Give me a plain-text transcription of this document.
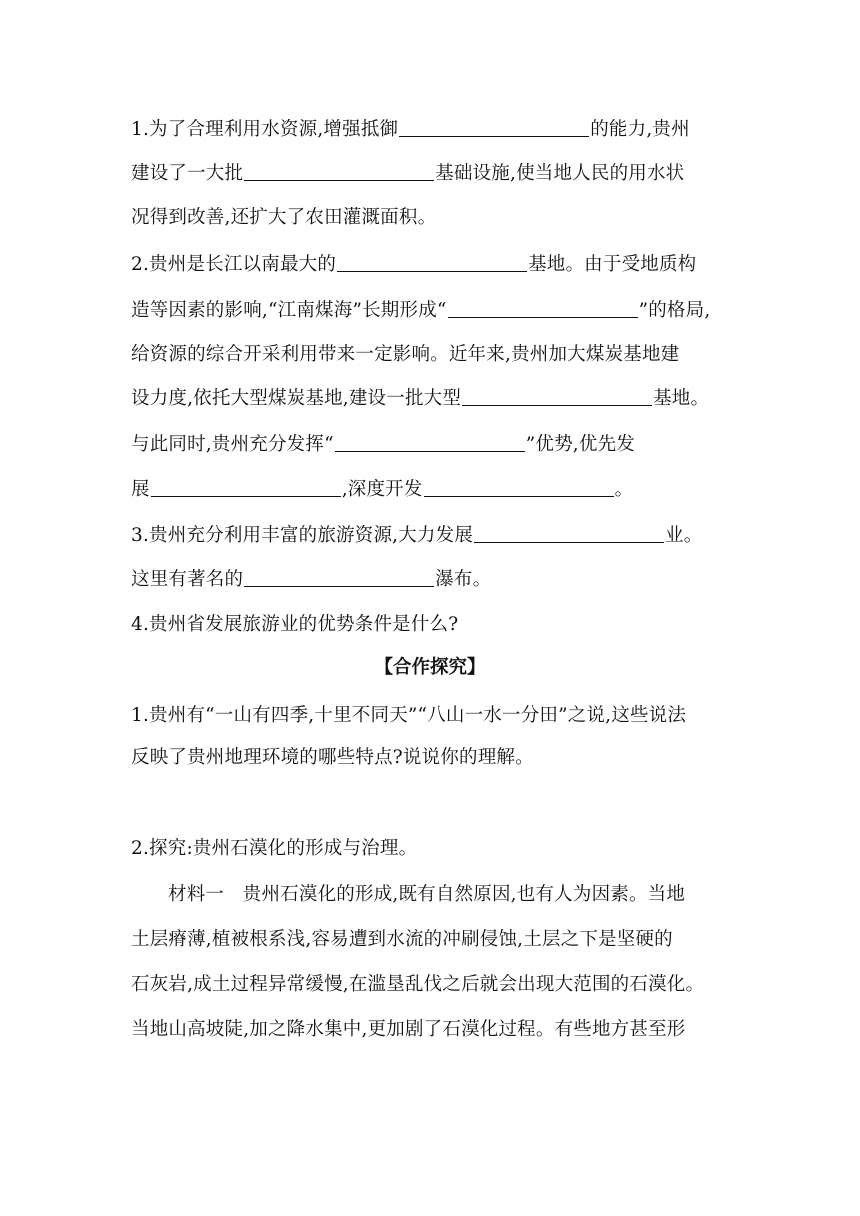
1.为了合理利用水资源,增强抵御	的能力,贵州
建设了一大批	基础设施,使当地人民的用水状
况得到改善,还扩大了农田灌溉面积。
2.贵州是长江以南最大的	基地。由于受地质构
造等因素的影响,“江南煤海”长期形成“	”的格局,
给资源的综合开采利用带来一定影响。近年来,贵州加大煤炭基地建
设力度,依托大型煤炭基地,建设一批大型	基地。
与此同时,贵州充分发挥“	”优势,优先发
展	,深度开发	。
3.贵州充分利用丰富的旅游资源,大力发展	业。
这里有著名的	瀑布。
4.贵州省发展旅游业的优势条件是什么?
【合作探究】
1.贵州有“一山有四季,十里不同天”“八山一水一分田”之说,这些说法
反映了贵州地理环境的哪些特点?说说你的理解。
2.探究:贵州石漠化的形成与治理。
材料一　贵州石漠化的形成,既有自然原因,也有人为因素。当地
土层瘠薄,植被根系浅,容易遭到水流的冲刷侵蚀,土层之下是坚硬的
石灰岩,成土过程异常缓慢,在滥垦乱伐之后就会出现大范围的石漠化。
当地山高坡陡,加之降水集中,更加剧了石漠化过程。有些地方甚至形
